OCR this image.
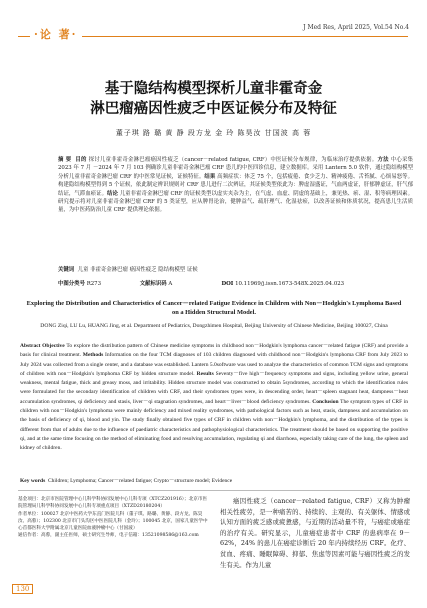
·论 著·
J Med Res, April 2025, Vol.54 No.4
基于隐结构模型探析儿童非霍奇金
淋巴瘤癌因性疲乏中医证候分布及特征
董子琪 路 璐 黄 静 段方龙 金 玲 陈昊汝 甘国波 高 蓉
摘 要 目的 探讨儿童非霍奇金淋巴瘤癌因性疲乏（cancer－related fatigue, CRF）中医证候分布规律，为临床治疗提供依据。方法 中心采集 2023 年 7 月 －2024 年 7 月 103 例确诊儿童非霍奇金淋巴瘤 CRF 患儿的中医四诊信息，建立数据库。采用 Lantern 5.0 软件，通过隐结构模型分析儿童非霍奇金淋巴瘤 CRF 的中医常见证候，证候特征。结果 高频症状：体乏 75 个，包括疲倦、食少乏力、精神疲倦、舌苔腻、心烦易怒等。构建隐结构模型得到 5 个证候，依此制定辨识规则对 CRF 患儿进行二次辨证，其证候类型依此为：脾虚湿盛证，气血两虚证，肝郁脾虚证，肝气郁结证，气滞血瘀证。结论 儿童非霍奇金淋巴瘤 CRF 的证候类型以虚实夹杂为主，在气虚、血虚、阴虚的基础上，兼见热、瘀、湿、积等病理因素。研究提示将对儿童非霍奇金淋巴瘤 CRF 的 5 类证型，应从脾胃论治，健脾益气、疏肝理气、化湿祛瘀，以改善证候和体质状况，提高患儿生活质量，为中医药防治儿童 CRF 提供理论依据。
关键词 儿童 非霍奇金淋巴瘤 癌因性疲乏 隐结构模型 证候
中图分类号 R273	文献标识码 A	DOI 10.11969/j.issn.1673-548X.2025.04.023
Exploring the Distribution and Characteristics of Cancer－related Fatigue Evidence in Children with Non－Hodgkin's Lymphoma Based on a Hidden Structural Model.
DONG Ziqi, LU Lu, HUANG Jing, et al. Department of Pediatrics, Dongzhimen Hospital, Beijing University of Chinese Medicine, Beijing 100027, China
Abstract Objective To explore the distribution pattern of Chinese medicine symptoms in childhood non－Hodgkin's lymphoma cancer－related fatigue (CRF) and provide a basis for clinical treatment. Methods Information on the four TCM diagnoses of 103 children diagnosed with childhood non－Hodgkin's lymphoma CRF from July 2023 to July 2024 was collected from a single center, and a database was established. Lantern 5.0software was used to analyze the characteristics of common TCM signs and symptoms of children with non－Hodgkin's lymphoma CRF by hidden structure model. Results Seventy－five high－frequency symptoms and signs, including yellow urine, general weakness, mental fatigue, thick and greasy moss, and irritability. Hidden structure model was constructed to obtain 5syndromes, according to which the identification rules were formulated for the secondary identification of children with CRF, and their syndromes types were, in descending order, heart－spleen stagnant heat, dampness－heat accumulation syndromes, qi deficiency and stasis, liver－qi stagnation syndromes, and heart－liver－blood deficiency syndromes. Conclusion The symptom types of CRF in children with non－Hodgkin's lymphoma were mainly deficiency and mixed reality syndromes, with pathological factors such as heat, stasis, dampness and accumulation on the basis of deficiency of qi, blood and yin. The study finally obtained five types of CRF in children with non－Hodgkin's lymphoma, and the distribution of the types is different from that of adults due to the influence of paediatric characteristics and pathophysiological characteristics. The treatment should be based on supporting the positive qi, and at the same time focusing on the method of eliminating food and resolving accumulation, regulating qi and diarrhoea, especially taking care of the lung, the spleen and kidney of children.
Key words Children; Lymphoma; Cancer－related fatigue; Crypto－structure model; Evidence
基金项目：北京市医院管理中心儿科学科协同发展中心儿科专项（XTCZ201916）；北京市医院管理局儿科学科协同发展中心儿科专项重点项目（XTZD20180204）
作者单位：100027 北京中医药大学东直门医院儿科（董子琪、路璐、黄静、段方龙、陈昊汝、高蓉）；102300 北京市门头沟区中医医院儿科（金玲）；100045 北京，国家儿童医学中心首都医科大学附属北京儿童医院血液肿瘤中心（甘国波）
通信作者：高蓉，副主任医师，硕士研究生导师，电子信箱：13521098586@163.com
癌因性疲乏（cancer－related fatigue, CRF）又称为肿瘤相关性疲劳，是一种痛苦的、持续的、主观的、有关躯体、情感或认知方面的疲乏感或疲惫感，与近期的活动量不符，与癌症或癌症的治疗有关。研究显示，儿童癌症患者中 CRF 的患病率在 9－62%，24% 的患儿在癌症诊断后 20 年内持续经历 CRF。化疗、贫血、疼痛、睡眠障碍、抑郁、焦虑等因素可能与癌因性疲乏的发生有关。作为儿童
130
